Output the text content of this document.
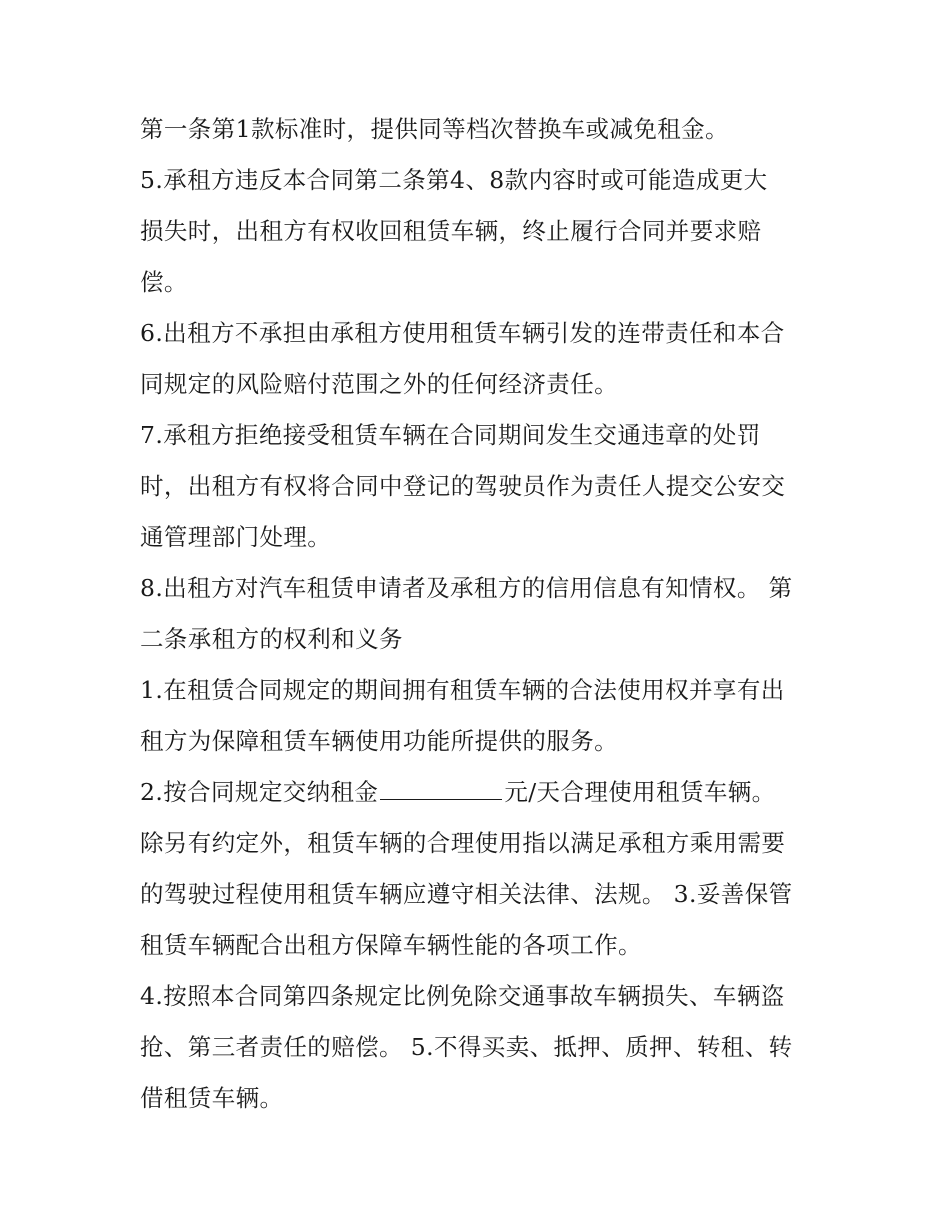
第一条第1款标准时，提供同等档次替换车或减免租金。
5.承租方违反本合同第二条第4、8款内容时或可能造成更大
损失时，出租方有权收回租赁车辆，终止履行合同并要求赔
偿。
6.出租方不承担由承租方使用租赁车辆引发的连带责任和本合
同规定的风险赔付范围之外的任何经济责任。
7.承租方拒绝接受租赁车辆在合同期间发生交通违章的处罚
时，出租方有权将合同中登记的驾驶员作为责任人提交公安交
通管理部门处理。
8.出租方对汽车租赁申请者及承租方的信用信息有知情权。 第
二条承租方的权利和义务
1.在租赁合同规定的期间拥有租赁车辆的合法使用权并享有出
租方为保障租赁车辆使用功能所提供的服务。
2.按合同规定交纳租金	元/天合理使用租赁车辆。
除另有约定外，租赁车辆的合理使用指以满足承租方乘用需要
的驾驶过程使用租赁车辆应遵守相关法律、法规。 3.妥善保管
租赁车辆配合出租方保障车辆性能的各项工作。
4.按照本合同第四条规定比例免除交通事故车辆损失、车辆盗
抢、第三者责任的赔偿。 5.不得买卖、抵押、质押、转租、转
借租赁车辆。
